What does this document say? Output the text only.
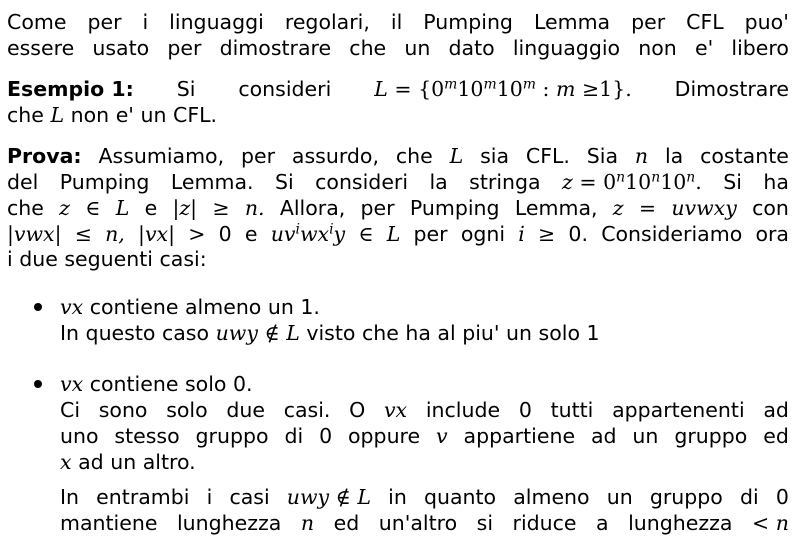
Come per i linguaggi regolari, il Pumping Lemma per CFL puo'
essere usato per dimostrare che un dato linguaggio non e' libero
Esempio 1: Si consideri $L = \{0^m10^m10^m$ : m ≥1}. Dimostrare
che L non e' un CFL.
Prova: Assumiamo, per assurdo, che L sia CFL. Sia n la costante
del Pumping Lemma. Si consideri la stringa $z = 0^n10^n10^n$. Si ha
che z ∈ L e |z| ≥ n. Allora, per Pumping Lemma, z = uvwxy con
|vwx| ≤ n, |vx| > 0 e $uv^iwx^iy$ ∈ L per ogni i ≥ 0. Consideriamo ora
i due seguenti casi:
vx contiene almeno un 1.
In questo caso uwy ∉ L visto che ha al piu' un solo 1
vx contiene solo 0.
Ci sono solo due casi. O vx include 0 tutti appartenenti ad
uno stesso gruppo di 0 oppure v appartiene ad un gruppo ed
x ad un altro.
In entrambi i casi uwy ∉ L in quanto almeno un gruppo di 0
mantiene lunghezza n ed un'altro si riduce a lunghezza < n
